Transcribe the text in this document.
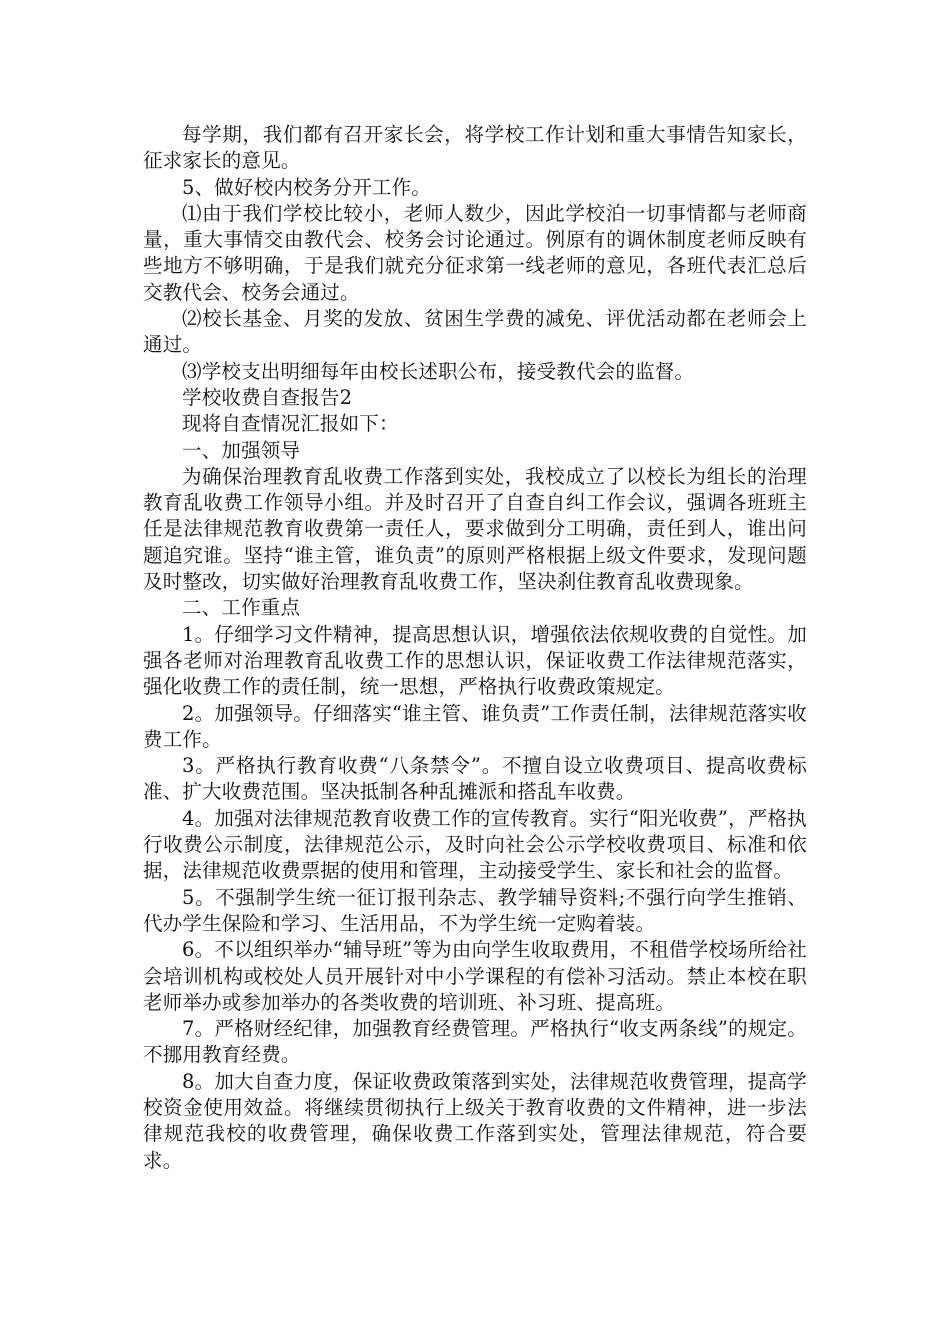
每学期，我们都有召开家长会，将学校工作计划和重大事情告知家长，征求家长的意见。

5、做好校内校务分开工作。

⑴由于我们学校比较小，老师人数少，因此学校泊一切事情都与老师商量，重大事情交由教代会、校务会讨论通过。例原有的调休制度老师反映有些地方不够明确，于是我们就充分征求第一线老师的意见，各班代表汇总后交教代会、校务会通过。

⑵校长基金、月奖的发放、贫困生学费的减免、评优活动都在老师会上通过。

⑶学校支出明细每年由校长述职公布，接受教代会的监督。

学校收费自查报告2

现将自查情况汇报如下：

一、加强领导

为确保治理教育乱收费工作落到实处，我校成立了以校长为组长的治理教育乱收费工作领导小组。并及时召开了自查自纠工作会议，强调各班班主任是法律规范教育收费第一责任人，要求做到分工明确，责任到人，谁出问题追究谁。坚持“谁主管，谁负责”的原则严格根据上级文件要求，发现问题及时整改，切实做好治理教育乱收费工作，坚决刹住教育乱收费现象。

二、工作重点

1。仔细学习文件精神，提高思想认识，增强依法依规收费的自觉性。加强各老师对治理教育乱收费工作的思想认识，保证收费工作法律规范落实，强化收费工作的责任制，统一思想，严格执行收费政策规定。

2。加强领导。仔细落实“谁主管、谁负责”工作责任制，法律规范落实收费工作。

3。严格执行教育收费“八条禁令”。不擅自设立收费项目、提高收费标准、扩大收费范围。坚决抵制各种乱摊派和搭乱车收费。

4。加强对法律规范教育收费工作的宣传教育。实行“阳光收费”，严格执行收费公示制度，法律规范公示，及时向社会公示学校收费项目、标准和依据，法律规范收费票据的使用和管理，主动接受学生、家长和社会的监督。

5。不强制学生统一征订报刊杂志、教学辅导资料;不强行向学生推销、代办学生保险和学习、生活用品，不为学生统一定购着装。

6。不以组织举办“辅导班”等为由向学生收取费用，不租借学校场所给社会培训机构或校处人员开展针对中小学课程的有偿补习活动。禁止本校在职老师举办或参加举办的各类收费的培训班、补习班、提高班。

7。严格财经纪律，加强教育经费管理。严格执行“收支两条线”的规定。不挪用教育经费。

8。加大自查力度，保证收费政策落到实处，法律规范收费管理，提高学校资金使用效益。将继续贯彻执行上级关于教育收费的文件精神，进一步法律规范我校的收费管理，确保收费工作落到实处，管理法律规范，符合要求。
